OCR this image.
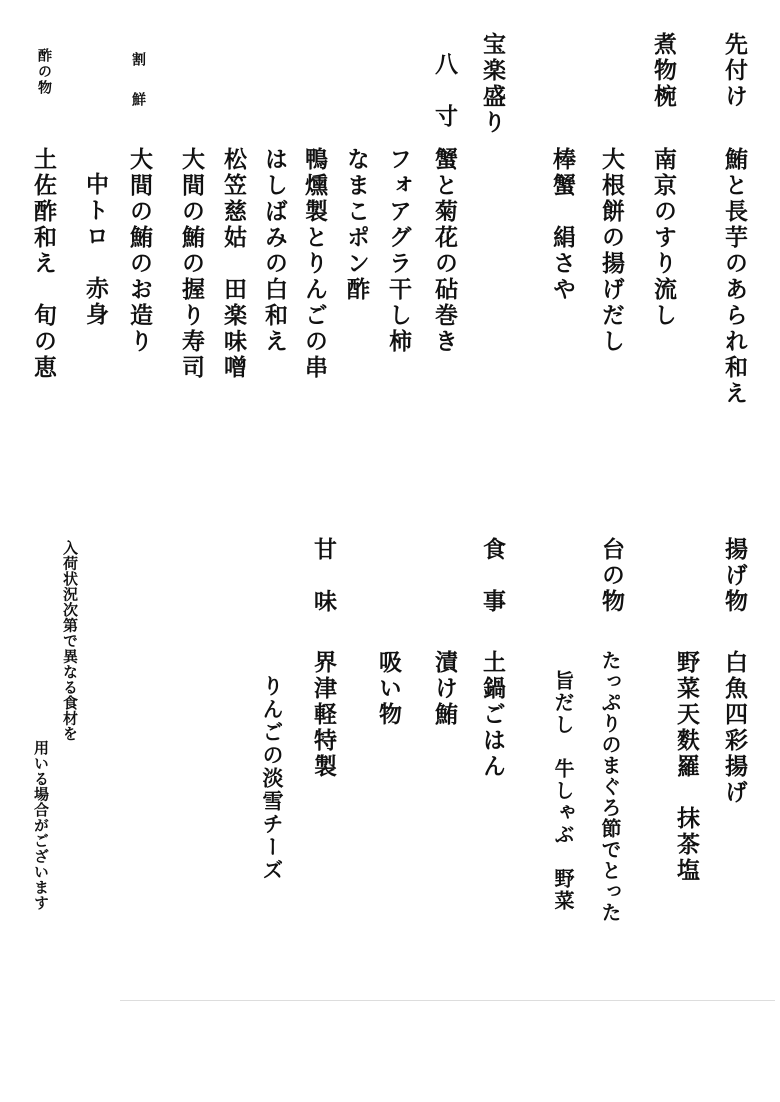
先付け
鮪と長芋のあられ和え
煮物椀
南京のすり流し
大根餅の揚げだし
棒蟹　絹さや
宝楽盛り
八　寸
蟹と菊花の砧巻き
フォアグラ干し柿
なまこポン酢
鴨燻製とりんごの串
はしばみの白和え
松笠慈姑　田楽味噌
大間の鮪の握り寿司
割　鮮
大間の鮪のお造り
中トロ　赤身
酢の物
土佐酢和え　旬の恵
揚げ物
白魚四彩揚げ
野菜天麩羅　抹茶塩
台の物
たっぷりのまぐろ節でとった
旨だし　牛しゃぶ　野菜
食　事
土鍋ごはん
漬け鮪
吸い物
甘　味
界津軽特製
りんごの淡雪チーズ
入荷状況次第で異なる食材を
用いる場合がございます
